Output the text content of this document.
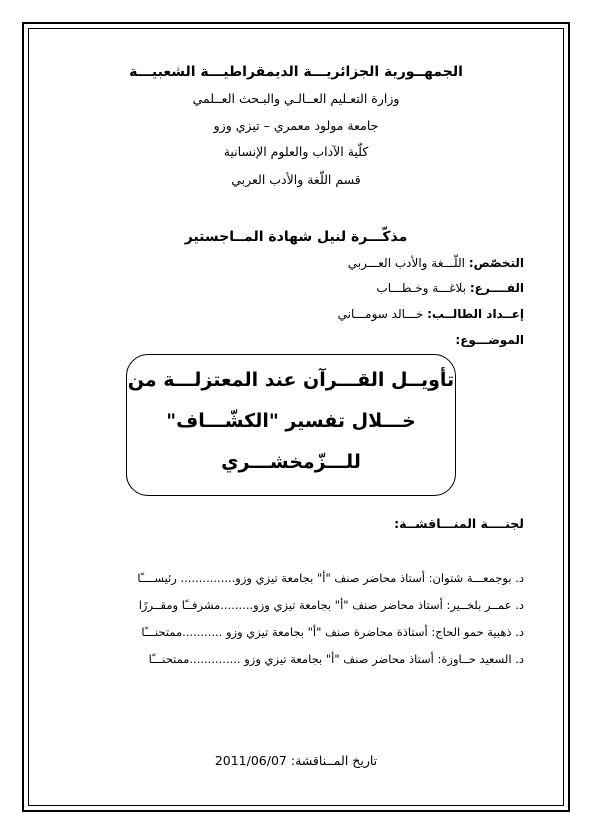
الجمهــورية الجزائريـــة الديمقراطيـــة الشعبيـــة
وزارة التعـليم العــالـي والبـحث العــلمي
جامعة مولود معمري – تيزي وزو
كلّية الآداب والعلوم الإنسانية
قسم اللّغة والأدب العربي
مذكّـــرة لنيل شهادة المــاجستير
التخصّص: اللّـــغة والأدب العـــربي
الفــــرع: بلاغـــة وخـطـــاب
إعــداد الطالــب: خـــالد سومـــاني
الموضـــوع:
تأويــل القـــرآن عند المعتزلـــة من
خـــلال تفسير "الكشّـــاف"
للـــزّمخشـــري
لجنــــة المنـــاقشــة:
د. بوجمعـــة شتوان: أستاذ محاضر صنف "أ" بجامعة تيزي وزو............... رئيســــًا
د. عمــر بلخــير: أستاذ محاضر صنف "أ" بجامعة تيزي وزو.........مشرفــًا ومقــررًا
د. ذهبية حمو الحاج: أستاذة محاضرة صنف "أ" بجامعة تيزي وزو ...........ممتحنـــًا
د. السعيد حــاوزة: أستاذ محاضر صنف "أ" بجامعة تيزي وزو ..............ممتحنـــًا
تاريخ المــناقشة: 2011/06/07
